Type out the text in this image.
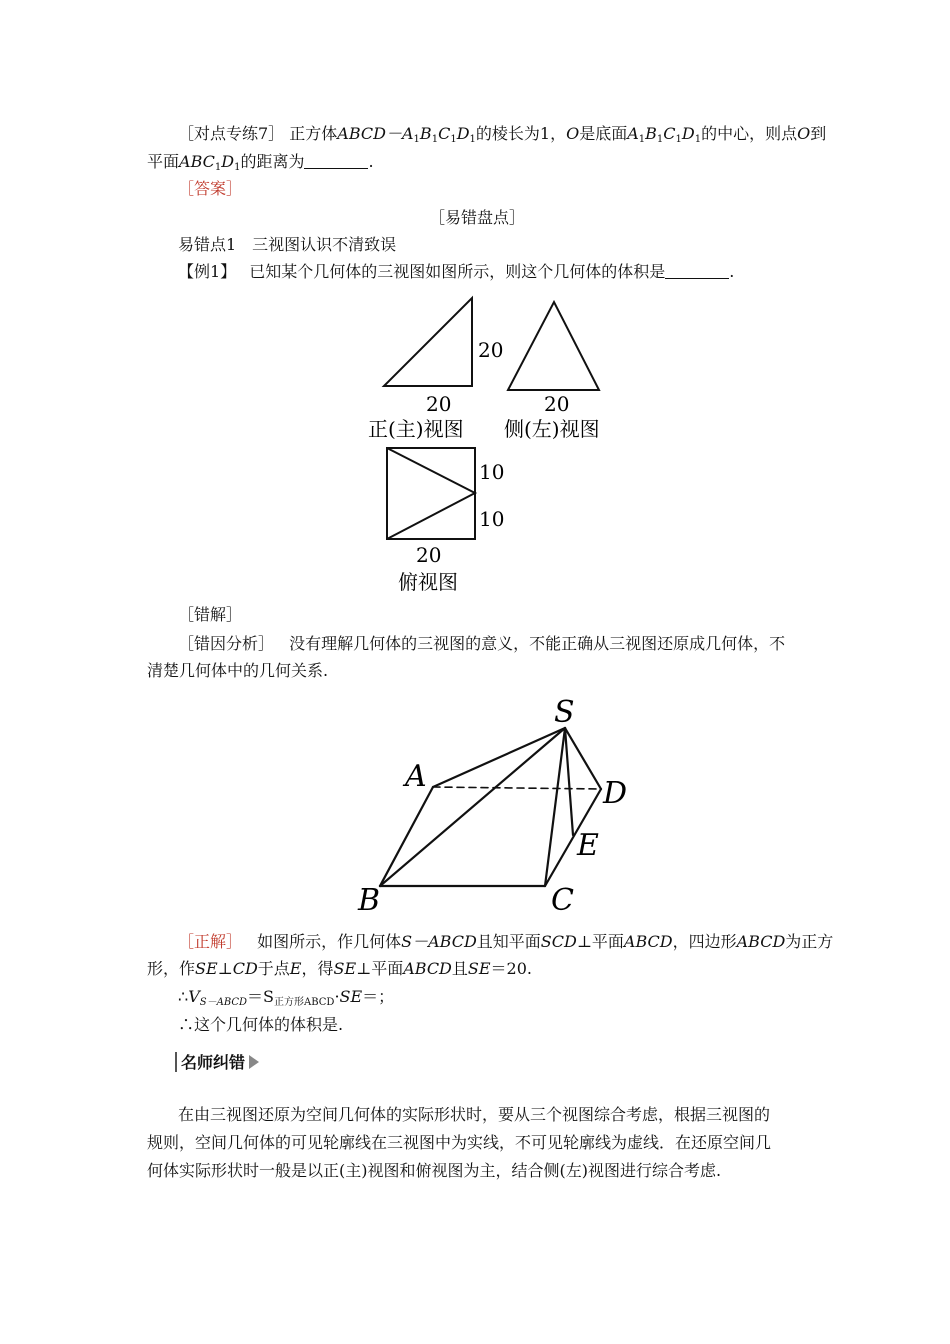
［对点专练7］ 正方体$ABCD-A_1B_1C_1D_1$的棱长为1，O是底面$A_1B_1C_1D_1$的中心，则点O到
平面$ABC_1D_1$的距离为	.
［答案］
［易错盘点］
易错点1　三视图认识不清致误
【例1】 已知某个几何体的三视图如图所示，则这个几何体的体积是	.
20
20
正(主)视图
20
侧(左)视图
10
10
20
俯视图
［错解］
［错因分析］ 没有理解几何体的三视图的意义，不能正确从三视图还原成几何体，不
清楚几何体中的几何关系.
S
A	D
E
B	C
［正解］ 如图所示，作几何体S－ABCD且知平面SCD⊥平面ABCD，四边形ABCD为正方
形，作SE⊥CD于点E，得SE⊥平面ABCD且SE＝20.
$\therefore V_{S-ABCD}=S_{正方形ABCD}\cdot SE=$；
∴这个几何体的体积是.
名师纠错
在由三视图还原为空间几何体的实际形状时，要从三个视图综合考虑，根据三视图的
规则，空间几何体的可见轮廓线在三视图中为实线，不可见轮廓线为虚线．在还原空间几
何体实际形状时一般是以正(主)视图和俯视图为主，结合侧(左)视图进行综合考虑.
